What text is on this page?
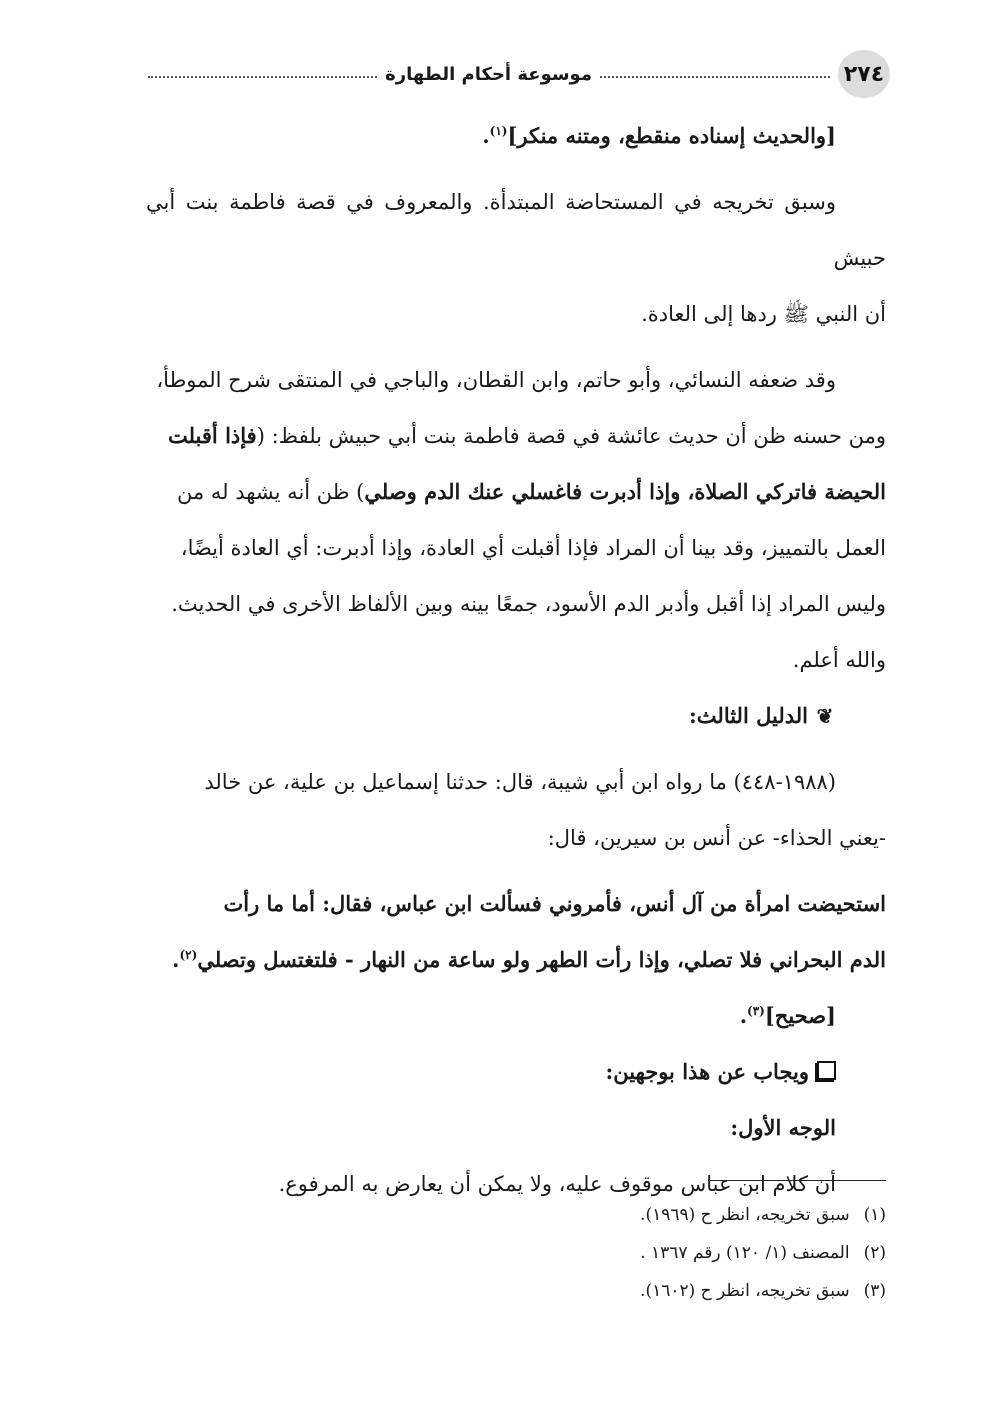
٢٧٤
موسوعة أحكام الطهارة

[والحديث إسناده منقطع، ومتنه منكر]$^{(١)}$.

وسبق تخريجه في المستحاضة المبتدأة. والمعروف في قصة فاطمة بنت أبي حبيش
أن النبي ﷺ ردها إلى العادة.

وقد ضعفه النسائي، وأبو حاتم، وابن القطان، والباجي في المنتقى شرح الموطأ،
ومن حسنه ظن أن حديث عائشة في قصة فاطمة بنت أبي حبيش بلفظ: (فإذا أقبلت
الحيضة فاتركي الصلاة، وإذا أدبرت فاغسلي عنك الدم وصلي) ظن أنه يشهد له من
العمل بالتمييز، وقد بينا أن المراد فإذا أقبلت أي العادة، وإذا أدبرت: أي العادة أيضًا،
وليس المراد إذا أقبل وأدبر الدم الأسود، جمعًا بينه وبين الألفاظ الأخرى في الحديث.
والله أعلم.

❦الدليل الثالث:

(١٩٨٨-٤٤٨) ما رواه ابن أبي شيبة، قال: حدثنا إسماعيل بن علية، عن خالد
-يعني الحذاء- عن أنس بن سيرين، قال:

استحيضت امرأة من آل أنس، فأمروني فسألت ابن عباس، فقال: أما ما رأت
الدم البحراني فلا تصلي، وإذا رأت الطهر ولو ساعة من النهار - فلتغتسل وتصلي$^{(٢)}$.

[صحيح]$^{(٣)}$.

ويجاب عن هذا بوجهين:
الوجه الأول:

أن كلام ابن عباس موقوف عليه، ولا يمكن أن يعارض به المرفوع.

(١)
سبق تخريجه، انظر ح (١٩٦٩).
(٢)
المصنف (١/ ١٢٠) رقم ١٣٦٧ .
(٣)
سبق تخريجه، انظر ح (١٦٠٢).
